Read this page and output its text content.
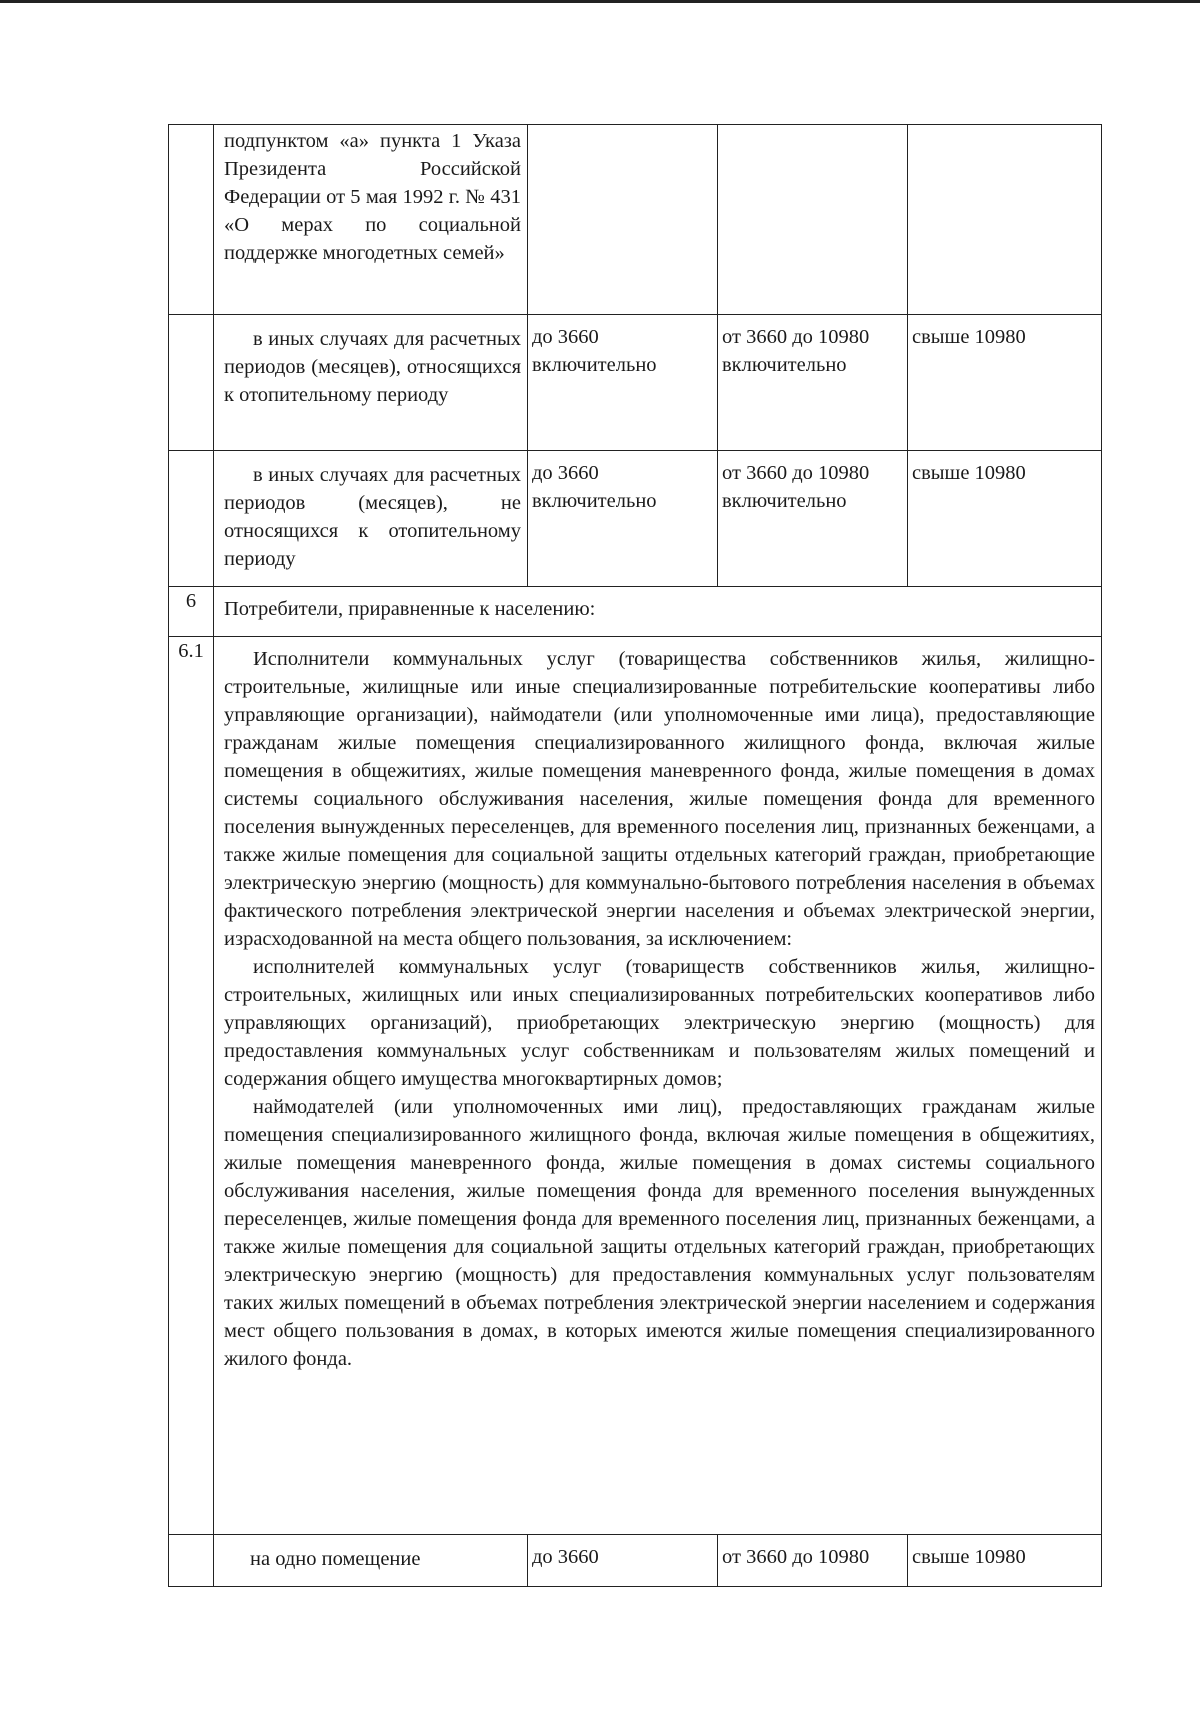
	подпунктом «а» пункта 1 Указа Президента Российской Федерации от 5 мая 1992 г. № 431 «О мерах по социальной поддержке многодетных семей»			

	в иных случаях для расчетных периодов (месяцев), относящихся к отопительному периоду	до 3660 включительно	от 3660 до 10980 включительно	свыше 10980

	в иных случаях для расчетных периодов (месяцев), не относящихся к отопительному периоду	до 3660 включительно	от 3660 до 10980 включительно	свыше 10980

6	Потребители, приравненные к населению:			

6.1	Исполнители коммунальных услуг (товарищества собственников жилья, жилищно-строительные, жилищные или иные специализированные потребительские кооперативы либо управляющие организации), наймодатели (или уполномоченные ими лица), предоставляющие гражданам жилые помещения специализированного жилищного фонда, включая жилые помещения в общежитиях, жилые помещения маневренного фонда, жилые помещения в домах системы социального обслуживания населения, жилые помещения фонда для временного поселения вынужденных переселенцев, для временного поселения лиц, признанных беженцами, а также жилые помещения для социальной защиты отдельных категорий граждан, приобретающие электрическую энергию (мощность) для коммунально-бытового потребления населения в объемах фактического потребления электрической энергии населения и объемах электрической энергии, израсходованной на места общего пользования, за исключением:

исполнителей коммунальных услуг (товариществ собственников жилья, жилищно-строительных, жилищных или иных специализированных потребительских кооперативов либо управляющих организаций), приобретающих электрическую энергию (мощность) для предоставления коммунальных услуг собственникам и пользователям жилых помещений и содержания общего имущества многоквартирных домов;

наймодателей (или уполномоченных ими лиц), предоставляющих гражданам жилые помещения специализированного жилищного фонда, включая жилые помещения в общежитиях, жилые помещения маневренного фонда, жилые помещения в домах системы социального обслуживания населения, жилые помещения фонда для временного поселения вынужденных переселенцев, жилые помещения фонда для временного поселения лиц, признанных беженцами, а также жилые помещения для социальной защиты отдельных категорий граждан, приобретающих электрическую энергию (мощность) для предоставления коммунальных услуг пользователям таких жилых помещений в объемах потребления электрической энергии населением и содержания мест общего пользования в домах, в которых имеются жилые помещения специализированного жилого фонда.			

	на одно помещение	до 3660	от 3660 до 10980	свыше 10980
